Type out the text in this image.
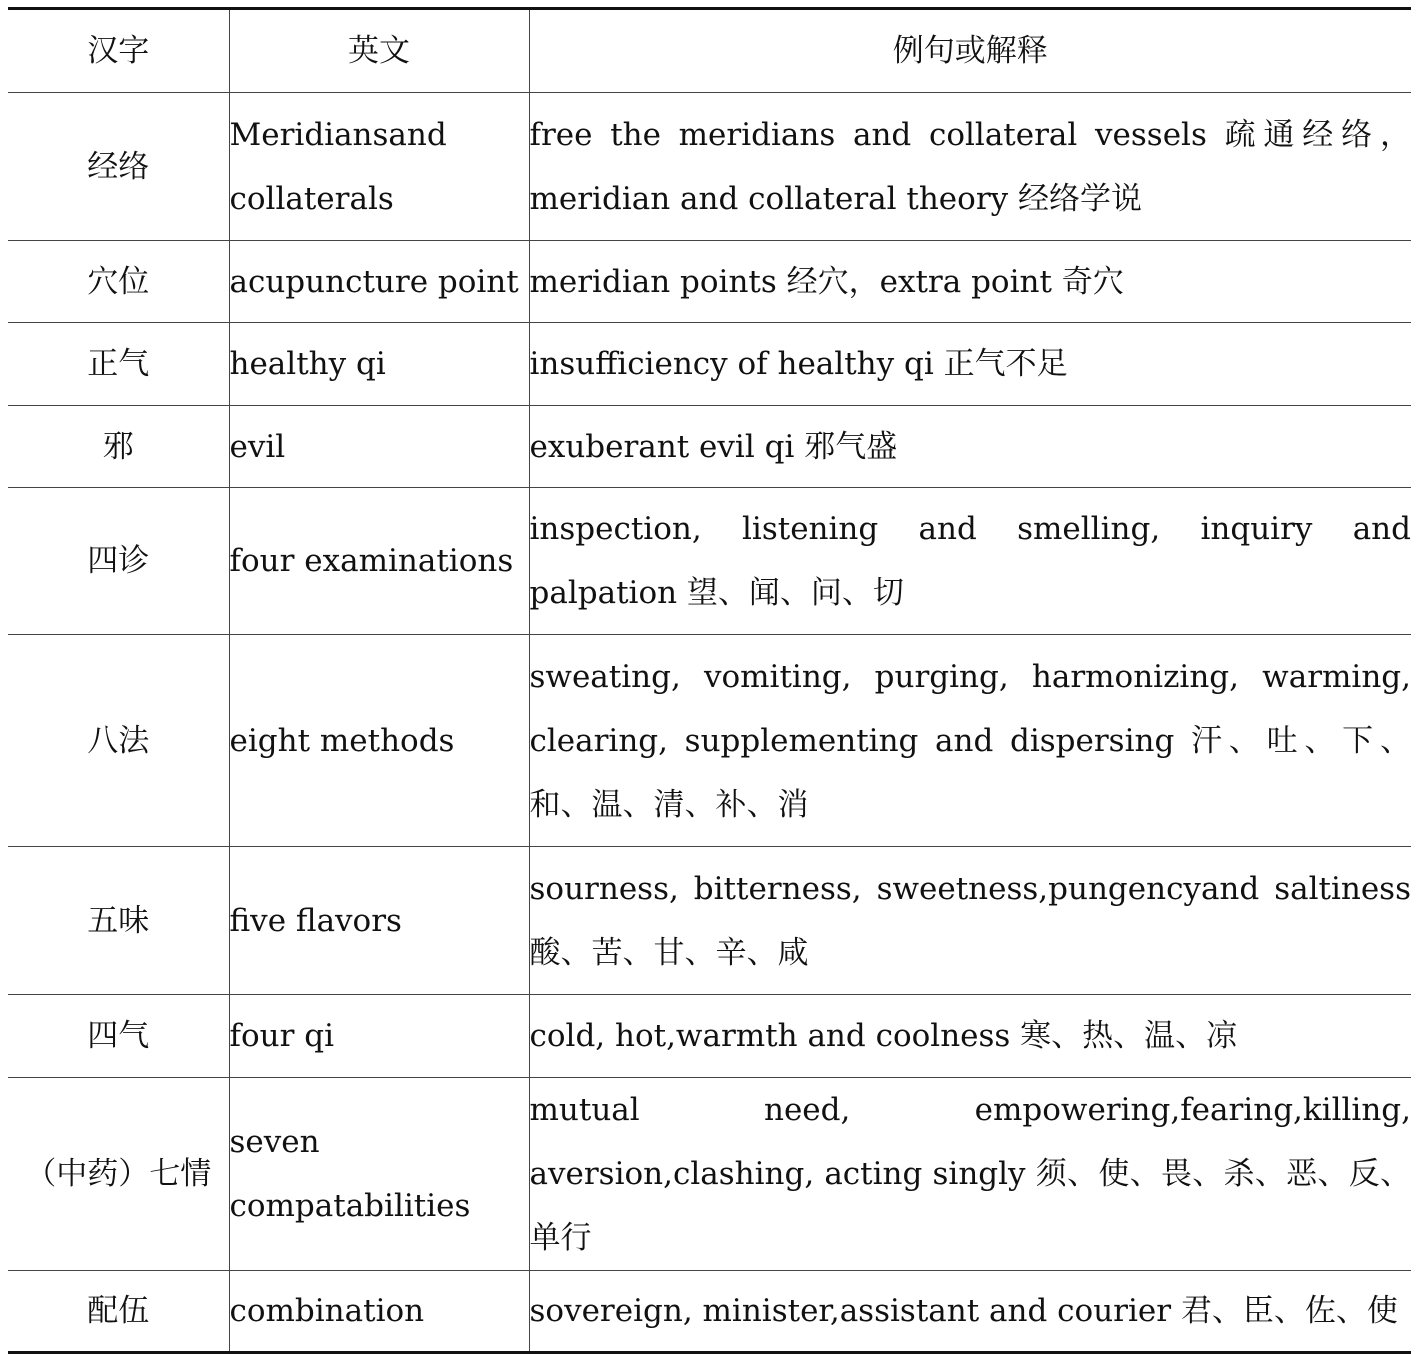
汉字	英文	例句或解释
经络	Meridiansand collaterals	free the meridians and collateral vessels 疏通经络，meridian and collateral theory 经络学说
穴位	acupuncture point	meridian points 经穴，extra point 奇穴
正气	healthy qi	insufficiency of healthy qi 正气不足
邪	evil	exuberant evil qi 邪气盛
四诊	four examinations	inspection, listening and smelling, inquiry and palpation 望、闻、问、切
八法	eight methods	sweating, vomiting, purging, harmonizing, warming, clearing, supplementing and dispersing 汗、吐、下、和、温、清、补、消
五味	five flavors	sourness, bitterness, sweetness,pungencyand saltiness 酸、苦、甘、辛、咸
四气	four qi	cold, hot,warmth and coolness 寒、热、温、凉
（中药）七情	seven compatabilities	mutual need, empowering,fearing,killing, aversion,clashing, acting singly 须、使、畏、杀、恶、反、单行
配伍	combination	sovereign, minister,assistant and courier 君、臣、佐、使
